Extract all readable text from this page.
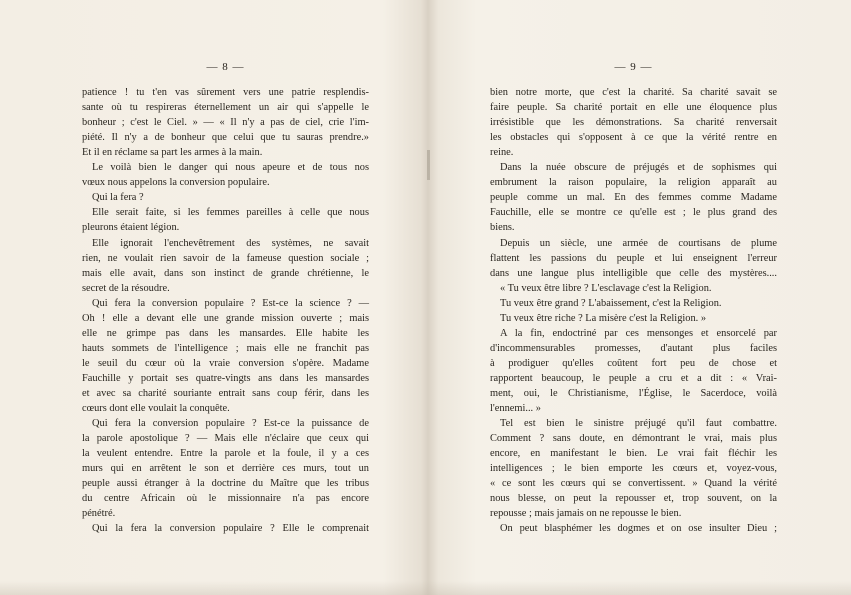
— 8 —
patience ! tu t'en vas sûrement vers une patrie resplendis-
sante où tu respireras éternellement un air qui s'appelle le
bonheur ; c'est le Ciel. » — « Il n'y a pas de ciel, crie l'im-
piété. Il n'y a de bonheur que celui que tu sauras prendre.»
Et il en réclame sa part les armes à la main.
Le voilà bien le danger qui nous apeure et de tous nos
vœux nous appelons la conversion populaire.
Qui la fera ?
Elle serait faite, si les femmes pareilles à celle que nous
pleurons étaient légion.
Elle ignorait l'enchevêtrement des systèmes, ne savait
rien, ne voulait rien savoir de la fameuse question sociale ;
mais elle avait, dans son instinct de grande chrétienne, le
secret de la résoudre.
Qui fera la conversion populaire ? Est-ce la science ? —
Oh ! elle a devant elle une grande mission ouverte ; mais
elle ne grimpe pas dans les mansardes. Elle habite les
hauts sommets de l'intelligence ; mais elle ne franchit pas
le seuil du cœur où la vraie conversion s'opère. Madame
Fauchille y portait ses quatre-vingts ans dans les mansardes
et avec sa charité souriante entrait sans coup férir, dans les
cœurs dont elle voulait la conquête.
Qui fera la conversion populaire ? Est-ce la puissance de
la parole apostolique ? — Mais elle n'éclaire que ceux qui
la veulent entendre. Entre la parole et la foule, il y a ces
murs qui en arrêtent le son et derrière ces murs, tout un
peuple aussi étranger à la doctrine du Maître que les tribus
du centre Africain où le missionnaire n'a pas encore
pénétré.
Qui la fera la conversion populaire ? Elle le comprenait
— 9 —
bien notre morte, que c'est la charité. Sa charité savait se
faire peuple. Sa charité portait en elle une éloquence plus
irrésistible que les démonstrations. Sa charité renversait
les obstacles qui s'opposent à ce que la vérité rentre en
reine.
Dans la nuée obscure de préjugés et de sophismes qui
embrument la raison populaire, la religion apparaît au
peuple comme un mal. En des femmes comme Madame
Fauchille, elle se montre ce qu'elle est ; le plus grand des
biens.
Depuis un siècle, une armée de courtisans de plume
flattent les passions du peuple et lui enseignent l'erreur
dans une langue plus intelligible que celle des mystères....
« Tu veux être libre ? L'esclavage c'est la Religion.
Tu veux être grand ? L'abaissement, c'est la Religion.
Tu veux être riche ? La misère c'est la Religion. »
A la fin, endoctriné par ces mensonges et ensorcelé par
d'incommensurables promesses, d'autant plus faciles
à prodiguer qu'elles coûtent fort peu de chose et
rapportent beaucoup, le peuple a cru et a dit : « Vrai-
ment, oui, le Christianisme, l'Église, le Sacerdoce, voilà
l'ennemi... »
Tel est bien le sinistre préjugé qu'il faut combattre.
Comment ? sans doute, en démontrant le vrai, mais plus
encore, en manifestant le bien. Le vrai fait fléchir les
intelligences ; le bien emporte les cœurs et, voyez-vous,
« ce sont les cœurs qui se convertissent. » Quand la vérité
nous blesse, on peut la repousser et, trop souvent, on la
repousse ; mais jamais on ne repousse le bien.
On peut blasphémer les dogmes et on ose insulter Dieu ;
